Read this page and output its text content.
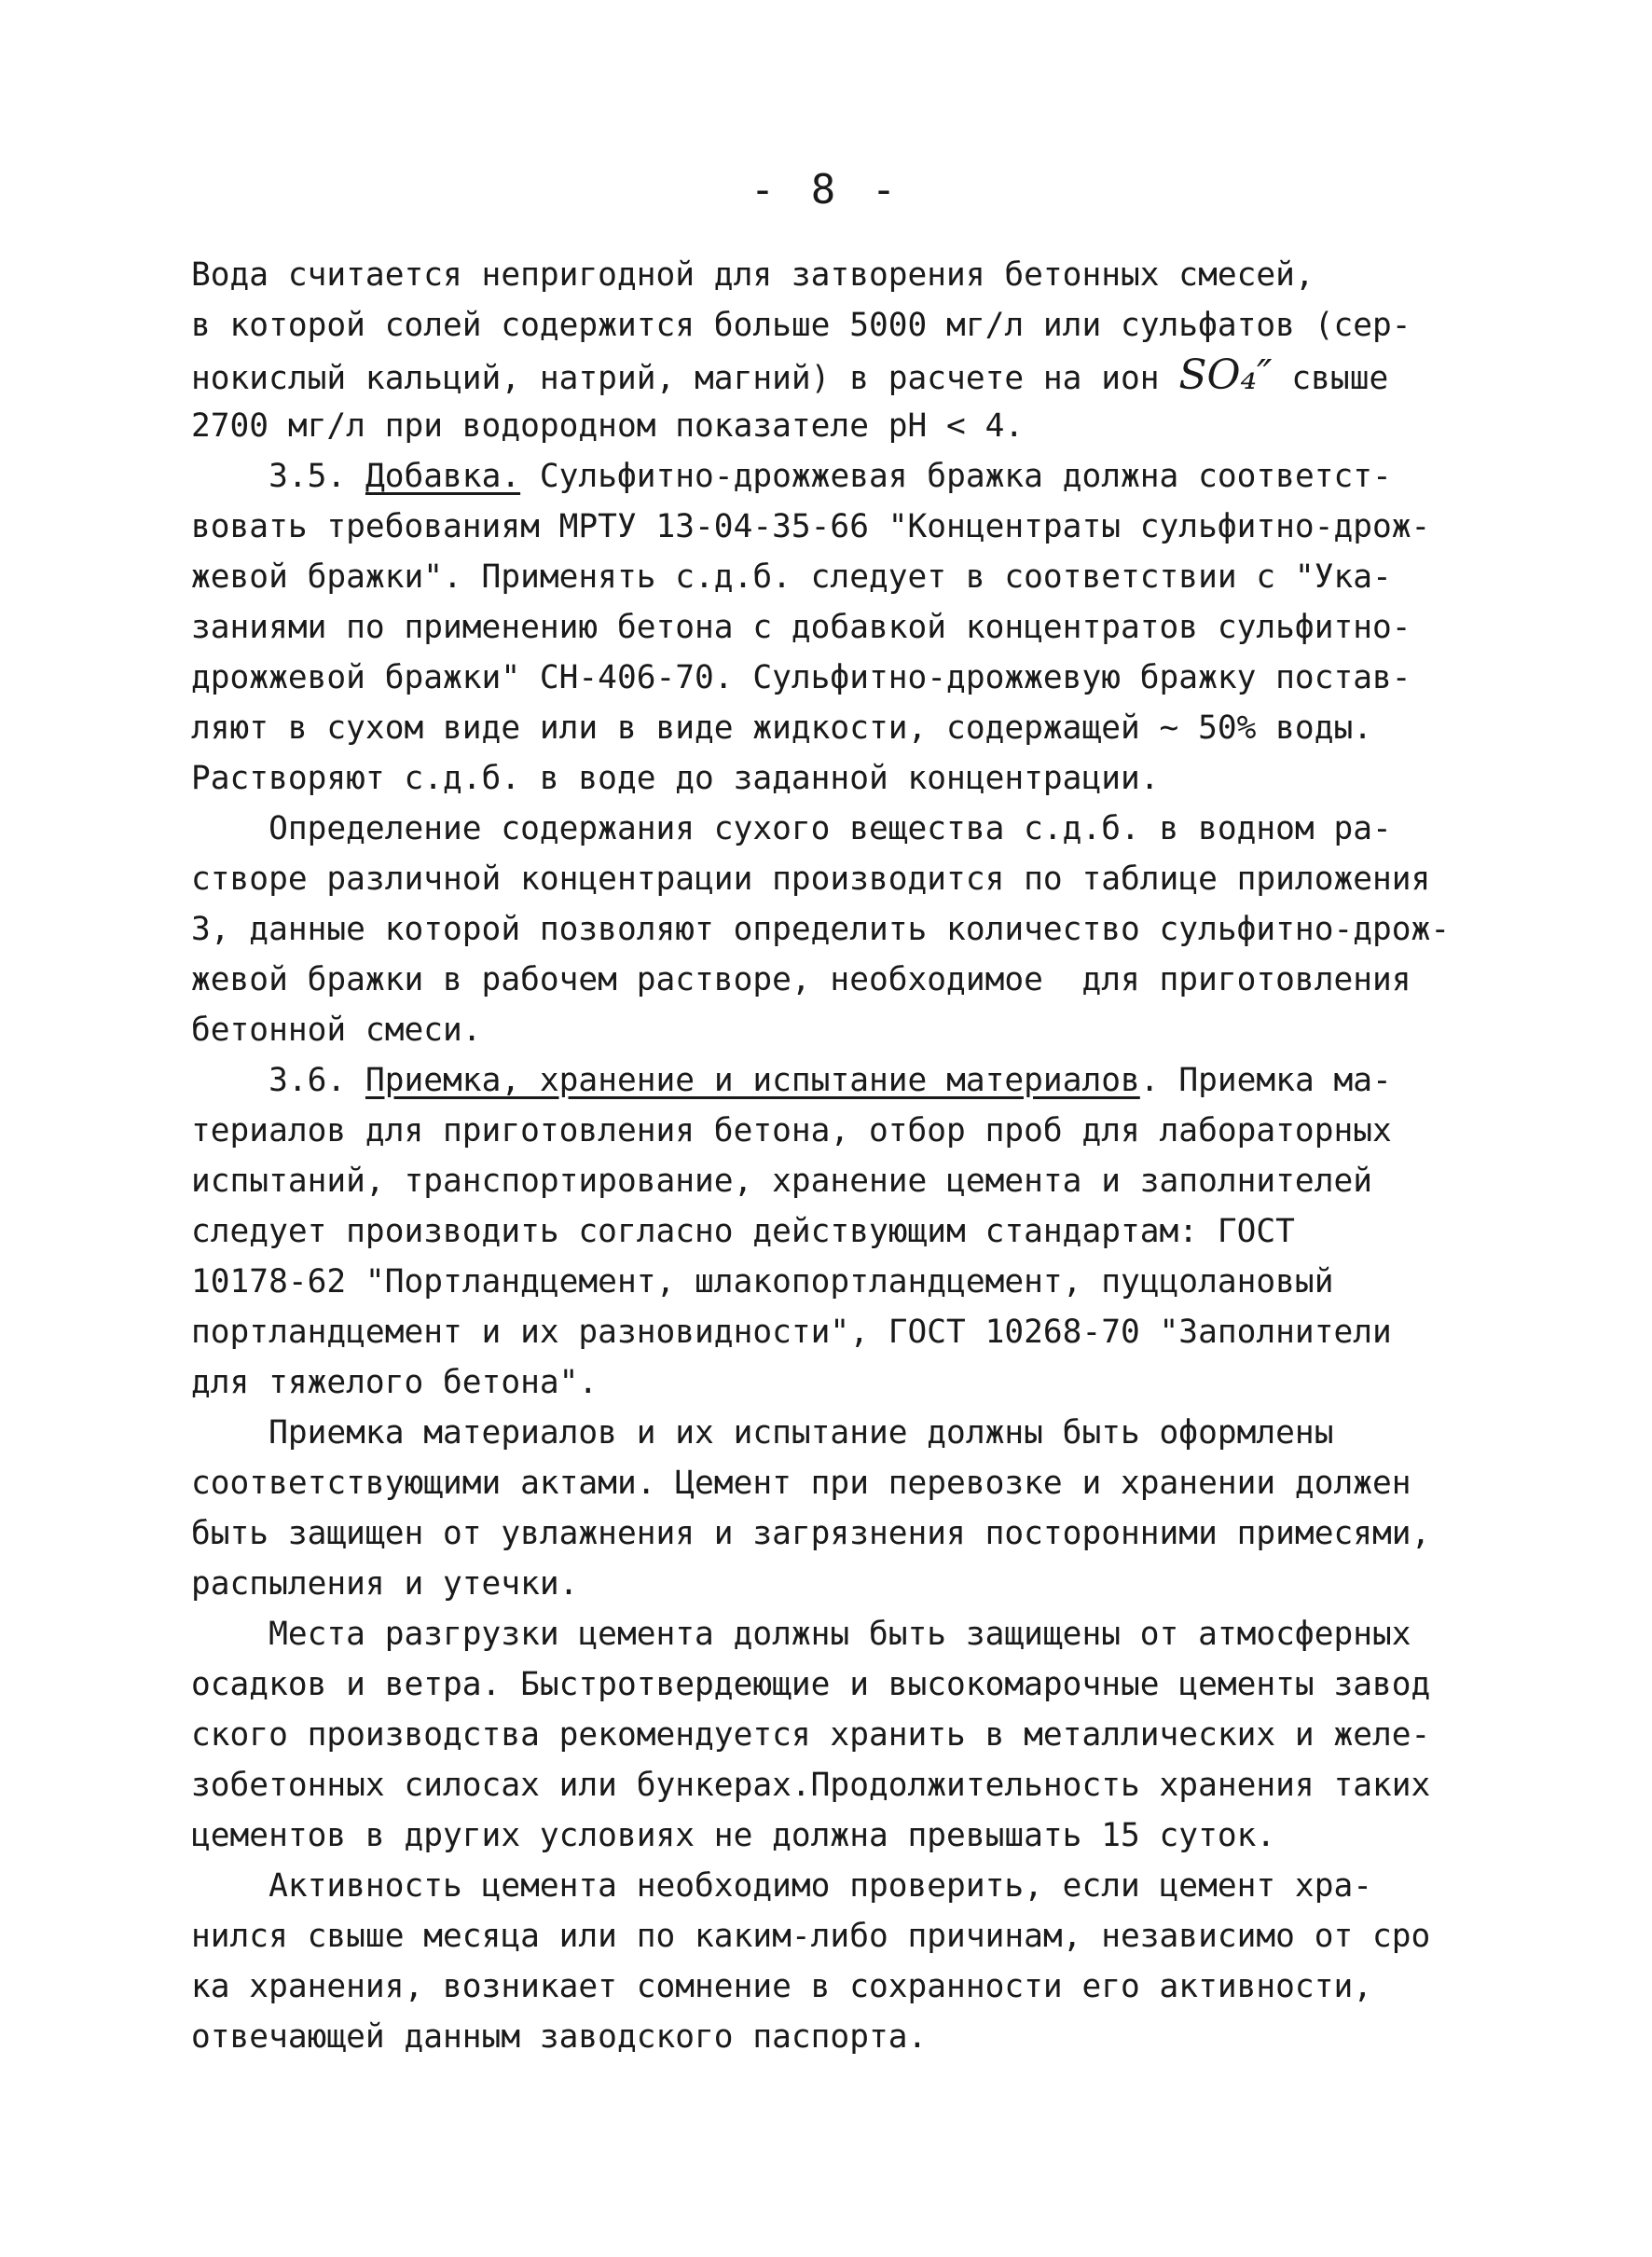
- 8 -
Вода считается непригодной для затворения бетонных смесей,
в которой солей содержится больше 5000 мг/л или сульфатов (сер-
нокислый кальций, натрий, магний) в расчете на ион SO₄″ свыше
2700 мг/л при водородном показателе pH < 4.
3.5. Добавка. Сульфитно-дрожжевая бражка должна соответст-
вовать требованиям МРТУ 13-04-35-66 "Концентраты сульфитно-дрож-
жевой бражки". Применять с.д.б. следует в соответствии с "Ука-
заниями по применению бетона с добавкой концентратов сульфитно-
дрожжевой бражки" СН-406-70. Сульфитно-дрожжевую бражку постав-
ляют в сухом виде или в виде жидкости, содержащей ~ 50% воды.
Растворяют с.д.б. в воде до заданной концентрации.
Определение содержания сухого вещества с.д.б. в водном ра-
створе различной концентрации производится по таблице приложения
3, данные которой позволяют определить количество сульфитно-дрож-
жевой бражки в рабочем растворе, необходимое  для приготовления
бетонной смеси.
3.6. Приемка, хранение и испытание материалов. Приемка ма-
териалов для приготовления бетона, отбор проб для лабораторных
испытаний, транспортирование, хранение цемента и заполнителей
следует производить согласно действующим стандартам: ГОСТ
10178-62 "Портландцемент, шлакопортландцемент, пуццолановый
портландцемент и их разновидности", ГОСТ 10268-70 "Заполнители
для тяжелого бетона".
Приемка материалов и их испытание должны быть оформлены
соответствующими актами. Цемент при перевозке и хранении должен
быть защищен от увлажнения и загрязнения посторонними примесями,
распыления и утечки.
Места разгрузки цемента должны быть защищены от атмосферных
осадков и ветра. Быстротвердеющие и высокомарочные цементы завод
ского производства рекомендуется хранить в металлических и желе-
зобетонных силосах или бункерах.Продолжительность хранения таких
цементов в других условиях не должна превышать 15 суток.
Активность цемента необходимо проверить, если цемент хра-
нился свыше месяца или по каким-либо причинам, независимо от сро
ка хранения, возникает сомнение в сохранности его активности,
отвечающей данным заводского паспорта.
